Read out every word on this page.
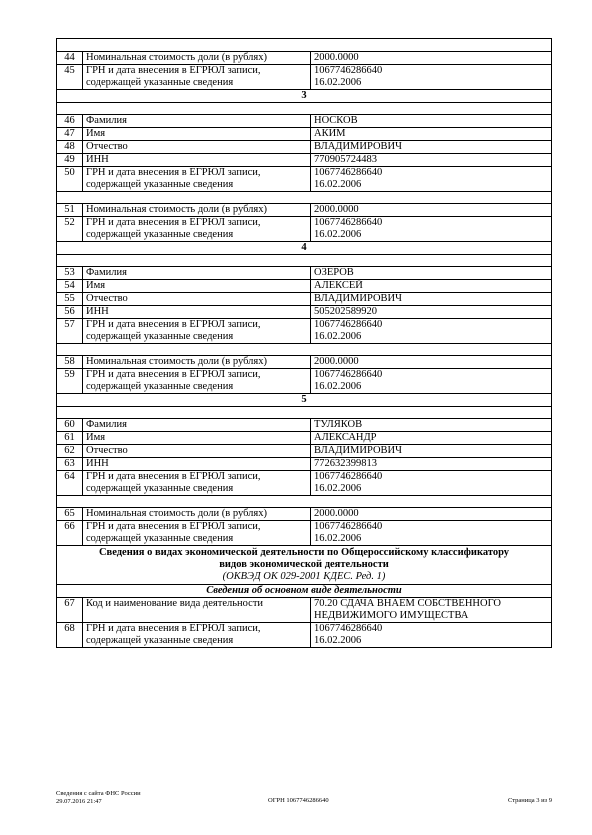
44	Номинальная стоимость доли (в рублях)	2000.0000

45	ГРН и дата внесения в ЕГРЮЛ записи,
содержащей указанные сведения	1067746286640
16.02.2006

3		

46	Фамилия	НОСКОВ

47	Имя	АКИМ

48	Отчество	ВЛАДИМИРОВИЧ

49	ИНН	770905724483

50	ГРН и дата внесения в ЕГРЮЛ записи,
содержащей указанные сведения	1067746286640
16.02.2006

51	Номинальная стоимость доли (в рублях)	2000.0000

52	ГРН и дата внесения в ЕГРЮЛ записи,
содержащей указанные сведения	1067746286640
16.02.2006

4		

53	Фамилия	ОЗЕРОВ

54	Имя	АЛЕКСЕЙ

55	Отчество	ВЛАДИМИРОВИЧ

56	ИНН	505202589920

57	ГРН и дата внесения в ЕГРЮЛ записи,
содержащей указанные сведения	1067746286640
16.02.2006

58	Номинальная стоимость доли (в рублях)	2000.0000

59	ГРН и дата внесения в ЕГРЮЛ записи,
содержащей указанные сведения	1067746286640
16.02.2006

5		

60	Фамилия	ТУЛЯКОВ

61	Имя	АЛЕКСАНДР

62	Отчество	ВЛАДИМИРОВИЧ

63	ИНН	772632399813

64	ГРН и дата внесения в ЕГРЮЛ записи,
содержащей указанные сведения	1067746286640
16.02.2006

65	Номинальная стоимость доли (в рублях)	2000.0000

66	ГРН и дата внесения в ЕГРЮЛ записи,
содержащей указанные сведения	1067746286640
16.02.2006

Сведения о видах экономической деятельности по Общероссийскому классификатору
видов экономической деятельности
(ОКВЭД ОК 029-2001 КДЕС. Ред. 1)		

Сведения об основном виде деятельности		
67	Код и наименование вида деятельности	70.20 СДАЧА ВНАЕМ СОБСТВЕННОГО
НЕДВИЖИМОГО ИМУЩЕСТВА

68	ГРН и дата внесения в ЕГРЮЛ записи,
содержащей указанные сведения	1067746286640
16.02.2006
Сведения с сайта ФНС России
29.07.2016 21:47	ОГРН 1067746286640	Страница 3 из 9
